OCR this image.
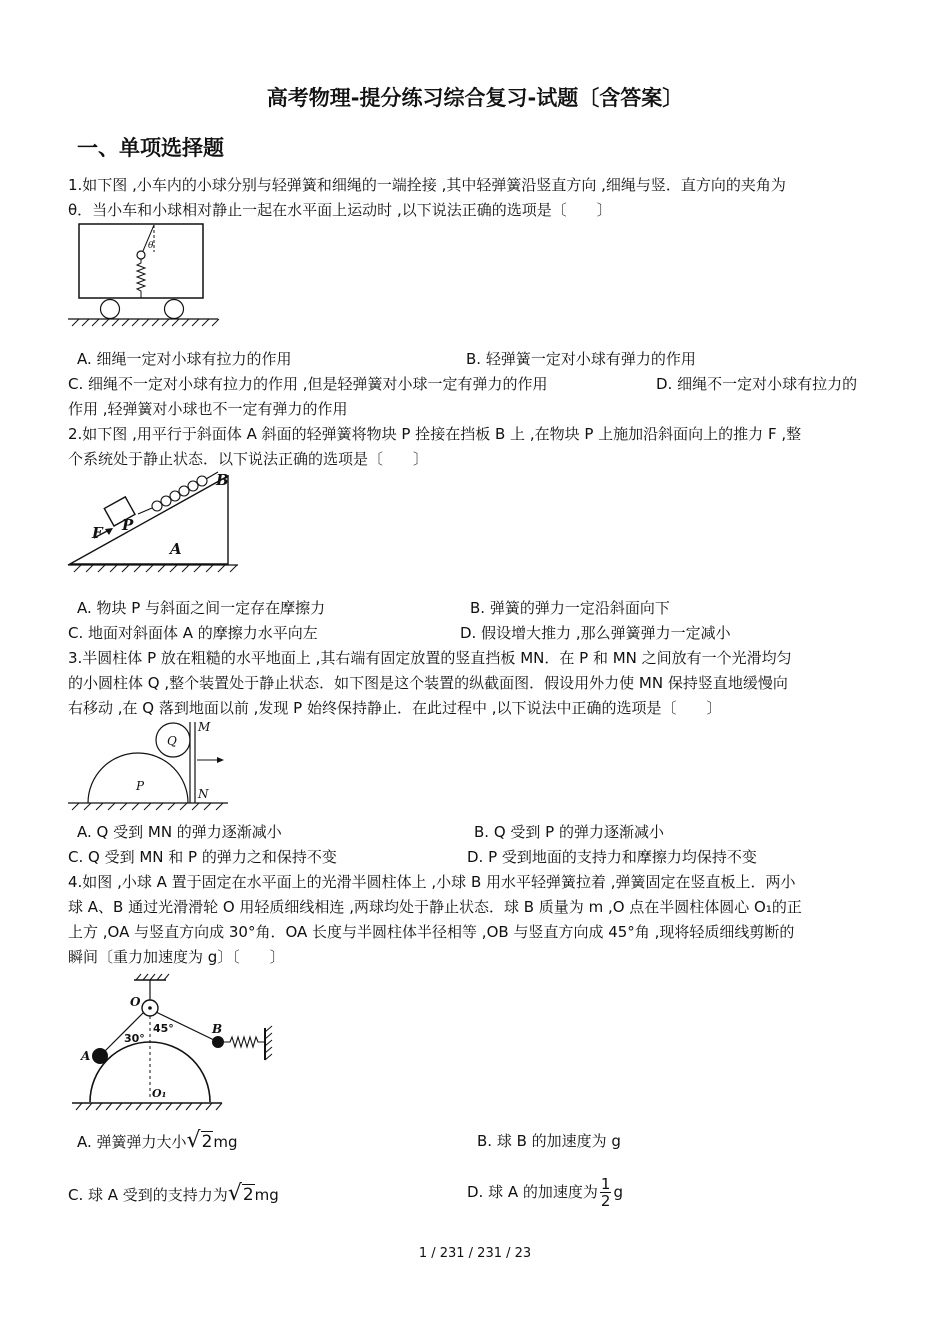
高考物理-提分练习综合复习-试题〔含答案〕
一、单项选择题
1.如下图 ,小车内的小球分别与轻弹簧和细绳的一端拴接 ,其中轻弹簧沿竖直方向 ,细绳与竖．直方向的夹角为
θ．当小车和小球相对静止一起在水平面上运动时 ,以下说法正确的选项是〔　　〕
θ
A. 细绳一定对小球有拉力的作用	B. 轻弹簧一定对小球有弹力的作用
C. 细绳不一定对小球有拉力的作用 ,但是轻弹簧对小球一定有弹力的作用	D. 细绳不一定对小球有拉力的
作用 ,轻弹簧对小球也不一定有弹力的作用
2.如下图 ,用平行于斜面体 A 斜面的轻弹簧将物块 P 拴接在挡板 B 上 ,在物块 P 上施加沿斜面向上的推力 F ,整
个系统处于静止状态．以下说法正确的选项是〔　　〕
P
F
A
B
A. 物块 P 与斜面之间一定存在摩擦力	B. 弹簧的弹力一定沿斜面向下
C. 地面对斜面体 A 的摩擦力水平向左	D. 假设增大推力 ,那么弹簧弹力一定减小
3.半圆柱体 P 放在粗糙的水平地面上 ,其右端有固定放置的竖直挡板 MN．在 P 和 MN 之间放有一个光滑均匀
的小圆柱体 Q ,整个装置处于静止状态．如下图是这个装置的纵截面图．假设用外力使 MN 保持竖直地缓慢向
右移动 ,在 Q 落到地面以前 ,发现 P 始终保持静止．在此过程中 ,以下说法中正确的选项是〔　　〕
Q
M
P
N
A. Q 受到 MN 的弹力逐渐减小	B. Q 受到 P 的弹力逐渐减小
C. Q 受到 MN 和 P 的弹力之和保持不变	D. P 受到地面的支持力和摩擦力均保持不变
4.如图 ,小球 A 置于固定在水平面上的光滑半圆柱体上 ,小球 B 用水平轻弹簧拉着 ,弹簧固定在竖直板上．两小
球 A、B 通过光滑滑轮 O 用轻质细线相连 ,两球均处于静止状态．球 B 质量为 m ,O 点在半圆柱体圆心 O₁的正
上方 ,OA 与竖直方向成 30°角．OA 长度与半圆柱体半径相等 ,OB 与竖直方向成 45°角 ,现将轻质细线剪断的
瞬间〔重力加速度为 g〕〔　　〕
O
30°
45°
A
B
O₁
A. 弹簧弹力大小√2mg	B. 球 B 的加速度为 g
C. 球 A 受到的支持力为√2mg	D. 球 A 的加速度为 $\frac{1}{2}$ g
1 / 231 / 231 / 23
